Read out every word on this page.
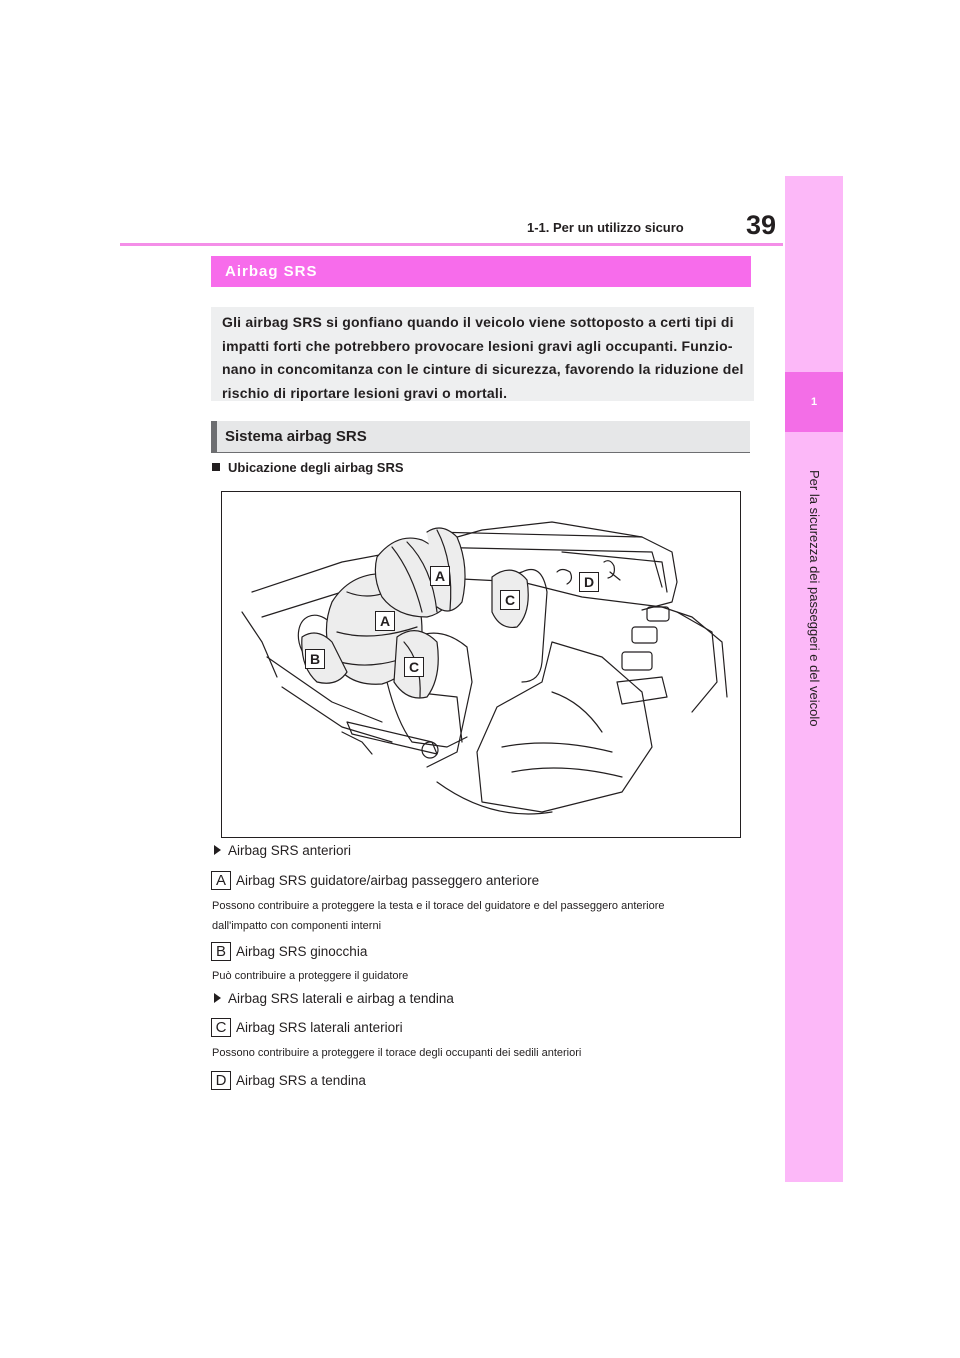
1
Per la sicurezza dei passeggeri e del veicolo
1-1. Per un utilizzo sicuro 39
Airbag SRS
Gli airbag SRS si gonfiano quando il veicolo viene sottoposto a certi tipi di
impatti forti che potrebbero provocare lesioni gravi agli occupanti. Funzio-
nano in concomitanza con le cinture di sicurezza, favorendo la riduzione del
rischio di riportare lesioni gravi o mortali.
Sistema airbag SRS
Ubicazione degli airbag SRS
A
A
B	C
C
D
Airbag SRS anteriori
A Airbag SRS guidatore/airbag passeggero anteriore
Possono contribuire a proteggere la testa e il torace del guidatore e del passeggero anteriore
dall'impatto con componenti interni
B Airbag SRS ginocchia
Può contribuire a proteggere il guidatore
Airbag SRS laterali e airbag a tendina
C Airbag SRS laterali anteriori
Possono contribuire a proteggere il torace degli occupanti dei sedili anteriori
D Airbag SRS a tendina
